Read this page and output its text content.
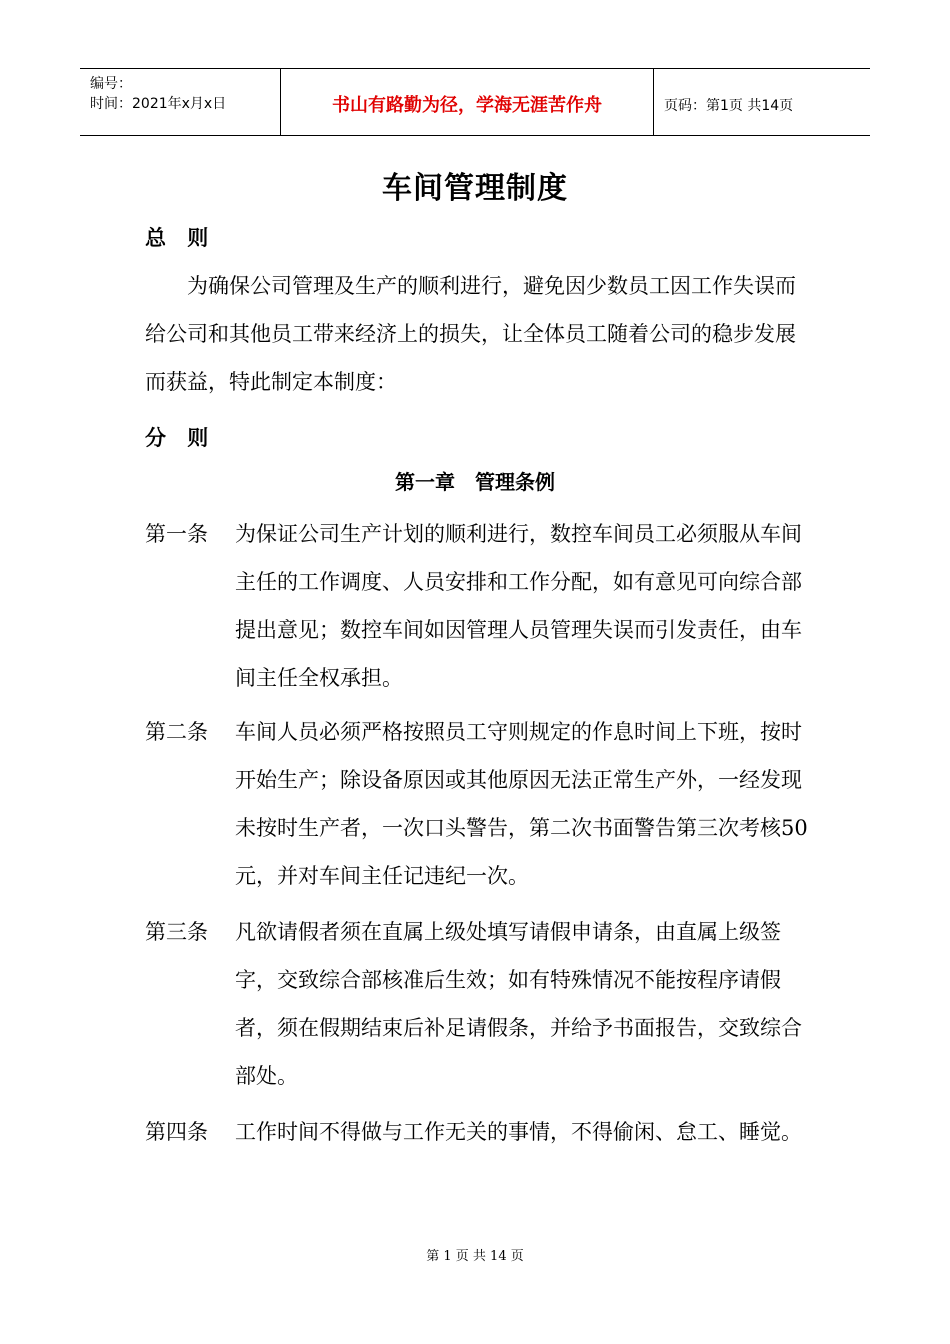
编号：
时间：2021年x月x日	书山有路勤为径，学海无涯苦作舟	页码：第1页 共14页
车间管理制度
总 则
为确保公司管理及生产的顺利进行，避免因少数员工因工作失误而给公司和其他员工带来经济上的损失，让全体员工随着公司的稳步发展而获益，特此制定本制度：
分 则
第一章　管理条例
第一条 为保证公司生产计划的顺利进行，数控车间员工必须服从车间主任的工作调度、人员安排和工作分配，如有意见可向综合部提出意见；数控车间如因管理人员管理失误而引发责任，由车间主任全权承担。
第二条 车间人员必须严格按照员工守则规定的作息时间上下班，按时开始生产；除设备原因或其他原因无法正常生产外，一经发现未按时生产者，一次口头警告，第二次书面警告第三次考核50元，并对车间主任记违纪一次。
第三条 凡欲请假者须在直属上级处填写请假申请条，由直属上级签字，交致综合部核准后生效；如有特殊情况不能按程序请假者，须在假期结束后补足请假条，并给予书面报告，交致综合部处。
第四条 工作时间不得做与工作无关的事情，不得偷闲、怠工、睡觉。
第 1 页 共 14 页
